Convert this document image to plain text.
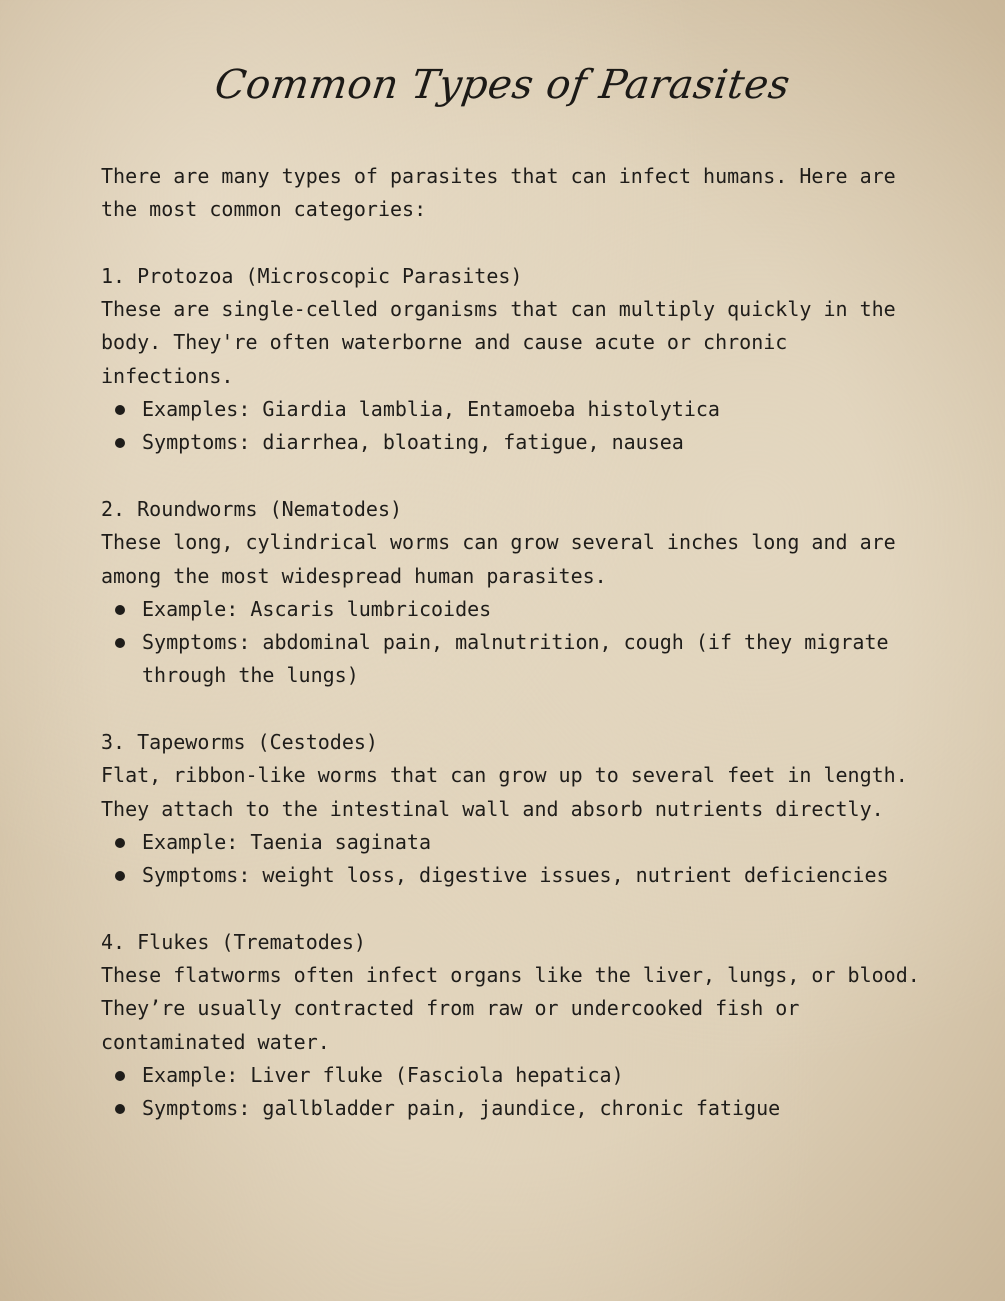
Common Types of Parasites

There are many types of parasites that can infect humans. Here are the most common categories:

1. Protozoa (Microscopic Parasites)

These are single-celled organisms that can multiply quickly in the body. They're often waterborne and cause acute or chronic infections.

Examples: Giardia lamblia, Entamoeba histolytica
Symptoms: diarrhea, bloating, fatigue, nausea

2. Roundworms (Nematodes)

These long, cylindrical worms can grow several inches long and are among the most widespread human parasites.

Example: Ascaris lumbricoides
Symptoms: abdominal pain, malnutrition, cough (if they migrate through the lungs)

3. Tapeworms (Cestodes)

Flat, ribbon-like worms that can grow up to several feet in length. They attach to the intestinal wall and absorb nutrients directly.

Example: Taenia saginata
Symptoms: weight loss, digestive issues, nutrient deficiencies

4. Flukes (Trematodes)

These flatworms often infect organs like the liver, lungs, or blood. They’re usually contracted from raw or undercooked fish or contaminated water.

Example: Liver fluke (Fasciola hepatica)
Symptoms: gallbladder pain, jaundice, chronic fatigue
